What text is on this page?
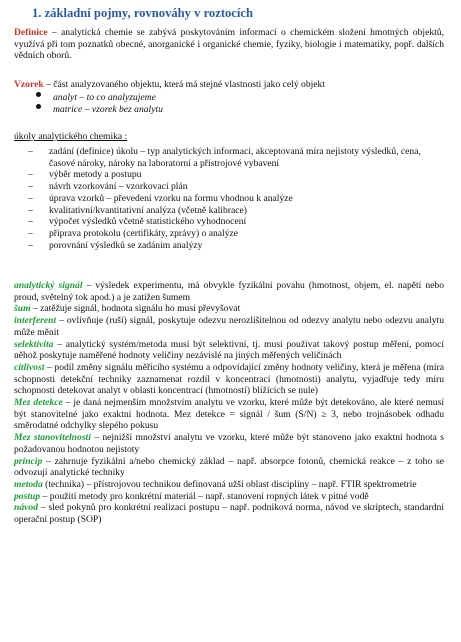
1. základní pojmy, rovnováhy v roztocích
Definice – analytická chemie se zabývá poskytováním informací o chemickém složení hmotných objektů, využívá při tom poznatků obecné, anorganické i organické chemie, fyziky, biologie i matematiky, popř. dalších vědních oborů.
Vzorek – část analyzovaného objektu, která má stejné vlastnosti jako celý objekt
analyt – to co analyzujeme
matrice – vzorek bez analytu
úkoly analytického chemika :
–	zadání (definice) úkolu – typ analytických informací, akceptovaná míra nejistoty výsledků, cena, časové nároky, nároky na laboratorní a přístrojové vybavení
–	výběr metody a postupu
–	návrh vzorkování – vzorkovací plán
–	úprava vzorků – převedení vzorku na formu vhodnou k analýze
–	kvalitativní/kvantitativní analýza (včetně kalibrace)
–	výpočet výsledků včetně statistického vyhodnocení
–	příprava protokolu (certifikáty, zprávy) o analýze
–	porovnání výsledků se zadáním analýzy
analytický signál – výsledek experimentu, má obvykle fyzikální povahu (hmotnost, objem, el. napětí nebo proud, světelný tok apod.) a je zatížen šumem
šum – zatěžuje signál, hodnota signálu ho musí převyšovat
interferent – ovlivňuje (ruší) signál, poskytuje odezvu nerozlišitelnou od odezvy analytu nebo odezvu analytu může měnit
selektivita – analytický systém/metoda musí být selektivní, tj. musí používat takový postup měření, pomocí něhož poskytuje naměřené hodnoty veličiny nezávislé na jiných měřených veličinách
citlivost – podíl změny signálu měřicího systému a odpovídající změny hodnoty veličiny, která je měřena (míra schopnosti detekční techniky zaznamenat rozdíl v koncentraci (hmotnosti) analytu, vyjadřuje tedy míru schopnosti detekovat analyt v oblasti koncentrací (hmotností) blížících se nule)
Mez detekce – je daná nejmenším množstvím analytu ve vzorku, které může být detekováno, ale které nemusí být stanovitelné jako exaktní hodnota. Mez detekce = signál / šum (S/N) ≥ 3, nebo trojnásobek odhadu směrodatné odchylky slepého pokusu
Mez stanovitelnosti – nejnižší množství analytu ve vzorku, které může být stanoveno jako exaktní hodnota s požadovanou hodnotou nejistoty
princip – zahrnuje fyzikální a/nebo chemický základ – např. absorpce fotonů, chemická reakce – z toho se odvozují analytické techniky
metoda (technika) – přístrojovou technikou definovaná užší oblast disciplíny – např. FTIR spektrometrie
postup – použití metody pro konkrétní materiál – např. stanovení ropných látek v pitné vodě
návod – sled pokynů pro konkrétní realizaci postupu – např. podniková norma, návod ve skriptech, standardní operační postup (SOP)
